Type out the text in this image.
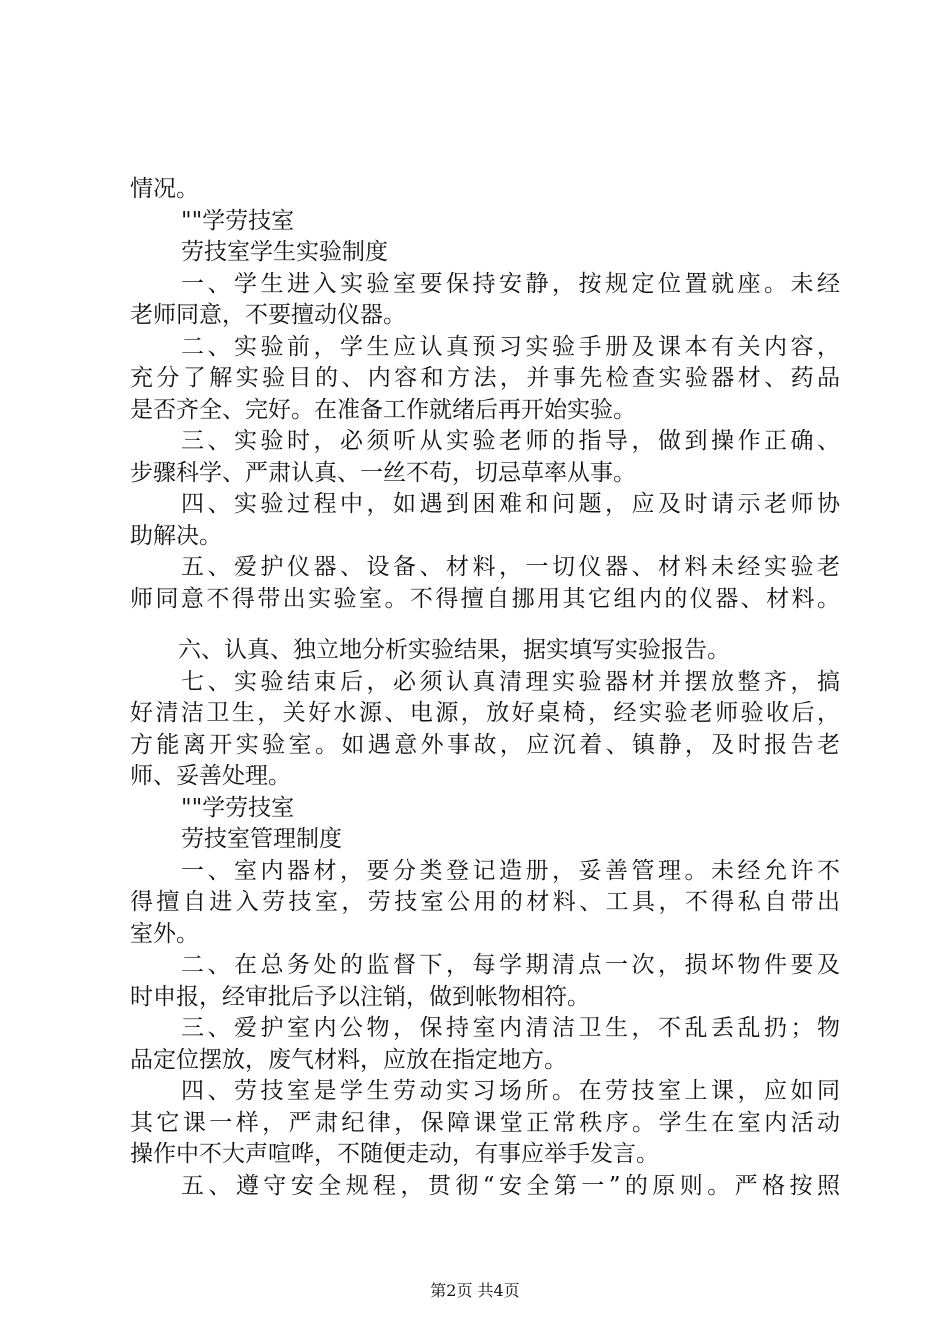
情况。
""学劳技室
劳技室学生实验制度
一、学生进入实验室要保持安静，按规定位置就座。未经
老师同意，不要擅动仪器。
二、实验前，学生应认真预习实验手册及课本有关内容，
充分了解实验目的、内容和方法，并事先检查实验器材、药品
是否齐全、完好。在准备工作就绪后再开始实验。
三、实验时，必须听从实验老师的指导，做到操作正确、
步骤科学、严肃认真、一丝不苟，切忌草率从事。
四、实验过程中，如遇到困难和问题，应及时请示老师协
助解决。
五、爱护仪器、设备、材料，一切仪器、材料未经实验老
师同意不得带出实验室。不得擅自挪用其它组内的仪器、材料。
六、认真、独立地分析实验结果，据实填写实验报告。
七、实验结束后，必须认真清理实验器材并摆放整齐，搞
好清洁卫生，关好水源、电源，放好桌椅，经实验老师验收后，
方能离开实验室。如遇意外事故，应沉着、镇静，及时报告老
师、妥善处理。
""学劳技室
劳技室管理制度
一、室内器材，要分类登记造册，妥善管理。未经允许不
得擅自进入劳技室，劳技室公用的材料、工具，不得私自带出
室外。
二、在总务处的监督下，每学期清点一次，损坏物件要及
时申报，经审批后予以注销，做到帐物相符。
三、爱护室内公物，保持室内清洁卫生，不乱丢乱扔；物
品定位摆放，废气材料，应放在指定地方。
四、劳技室是学生劳动实习场所。在劳技室上课，应如同
其它课一样，严肃纪律，保障课堂正常秩序。学生在室内活动
操作中不大声喧哗，不随便走动，有事应举手发言。
五、遵守安全规程，贯彻“安全第一”的原则。严格按照
第2页 共4页
